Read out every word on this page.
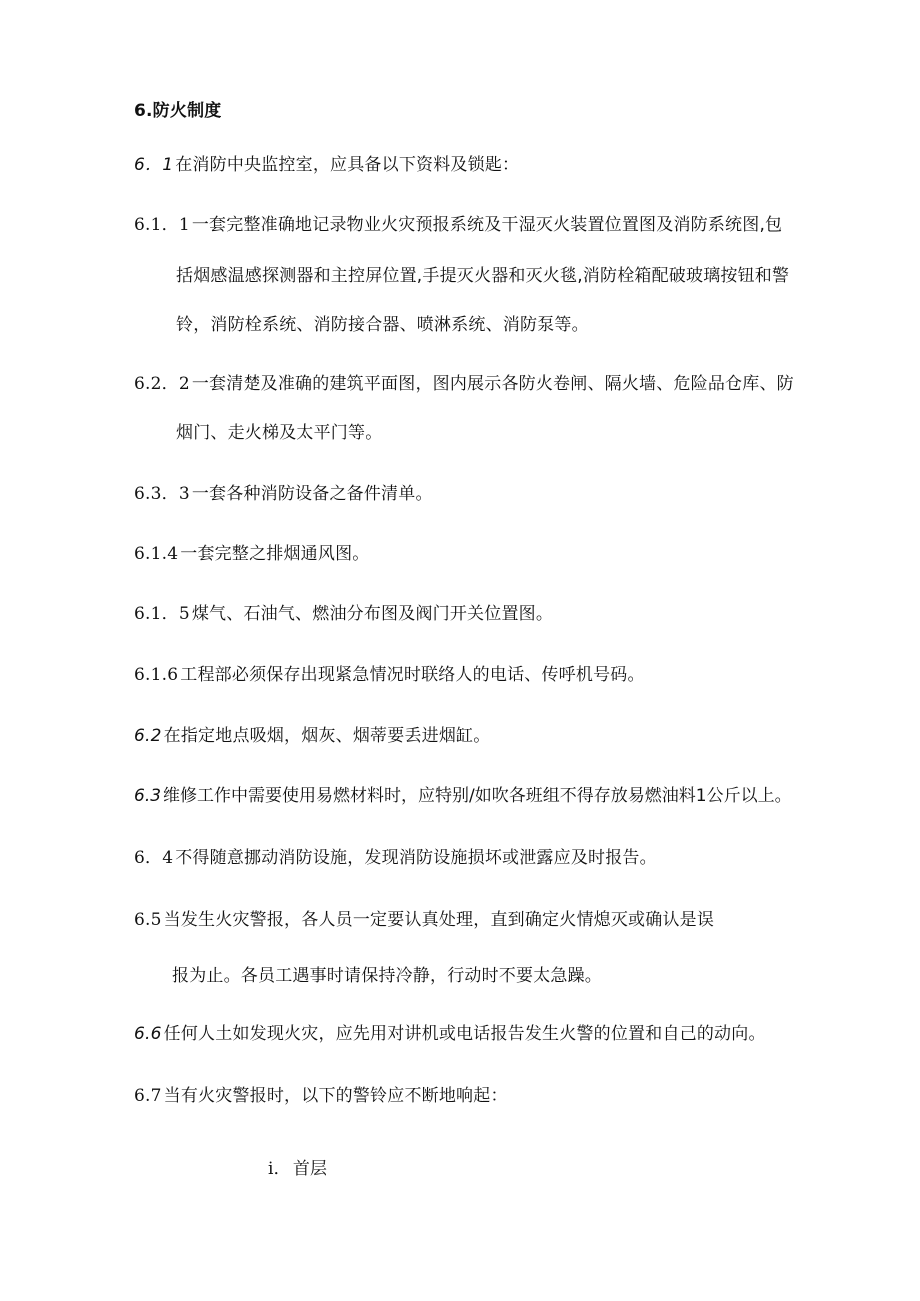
6.防火制度
6．1 在消防中央监控室，应具备以下资料及锁匙：
6.1．1 一套完整准确地记录物业火灾预报系统及干湿灭火装置位置图及消防系统图,包
括烟感温感探测器和主控屏位置,手提灭火器和灭火毯,消防栓箱配破玻璃按钮和警
铃，消防栓系统、消防接合器、喷淋系统、消防泵等。
6.2．2 一套清楚及准确的建筑平面图，图内展示各防火卷闸、隔火墙、危险品仓库、防
烟门、走火梯及太平门等。
6.3．3 一套各种消防设备之备件清单。
6.1.4 一套完整之排烟通风图。
6.1．5 煤气、石油气、燃油分布图及阀门开关位置图。
6.1.6 工程部必须保存出现紧急情况时联络人的电话、传呼机号码。
6.2 在指定地点吸烟，烟灰、烟蒂要丢进烟缸。
6.3 维修工作中需要使用易燃材料时，应特别/如吹各班组不得存放易燃油料1公斤以上。
6．4 不得随意挪动消防设施，发现消防设施损坏或泄露应及时报告。
6.5 当发生火灾警报，各人员一定要认真处理，直到确定火情熄灭或确认是误
报为止。各员工遇事时请保持冷静，行动时不要太急躁。
6.6 任何人土如发现火灾，应先用对讲机或电话报告发生火警的位置和自己的动向。
6.7 当有火灾警报时，以下的警铃应不断地响起：
i． 首层
